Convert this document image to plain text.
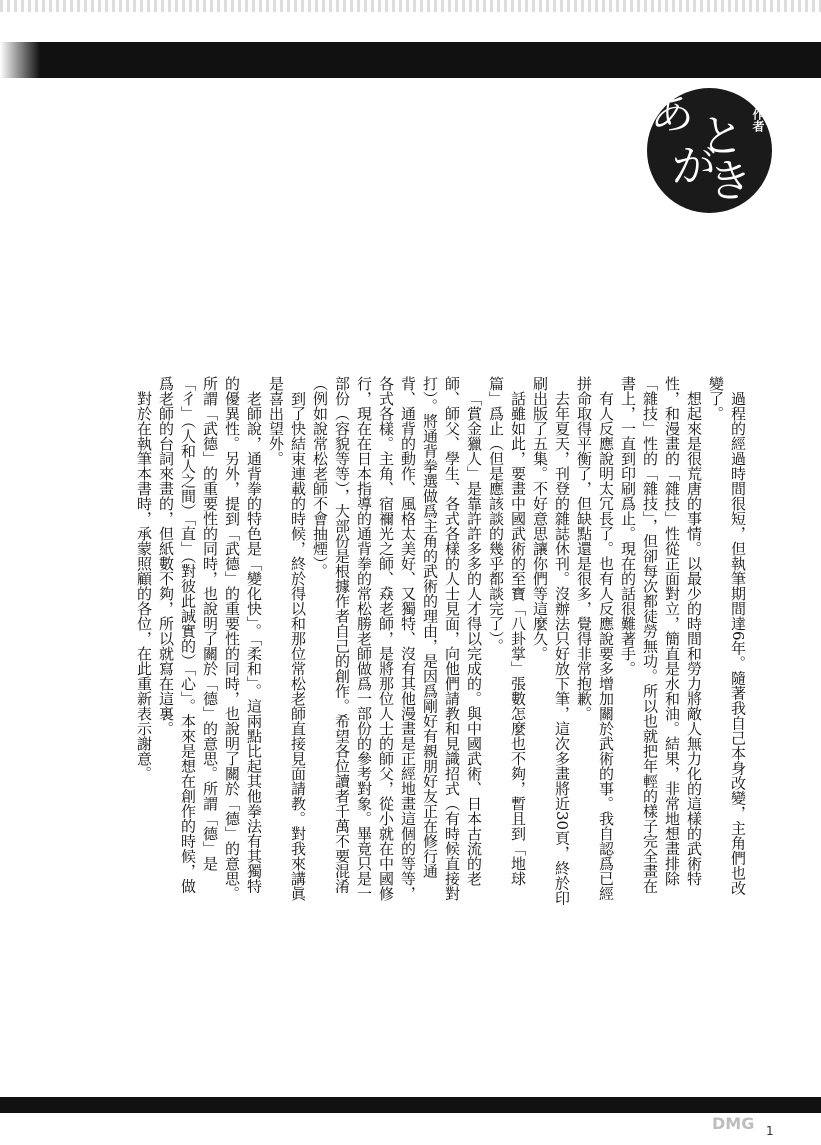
あ と
が
き
作者

過程的經過時間很短，但執筆期間達6年。隨著我自己本身改變，主角們也改變了。

想起來是很荒唐的事情。以最少的時間和勞力將敵人無力化的這樣的武術特性，和漫畫的「雜技」性從正面對立，簡直是水和油。結果，非常地想畫排除「雜技」性的「雜技」，但卻每次都徒勞無功。所以也就把年輕的樣子完全畫在書上，一直到印刷爲止。現在的話很難著手。

有人反應說明太冗長了。也有人反應說要多增加關於武術的事。我自認爲已經拼命取得平衡了，但缺點還是很多，覺得非常抱歉。

去年夏天，刊登的雜誌休刊。沒辦法只好放下筆，這次多畫將近30頁，終於印刷出版了五集。不好意思讓你們等這麼久。

話雖如此，要畫中國武術的至寶「八卦掌」張數怎麼也不夠，暫且到「地球篇」爲止（但是應該談的幾乎都談完了）。

「賞金獵人」是靠許許多多的人才得以完成的。與中國武術、日本古流的老師、師父、學生、各式各樣的人士見面，向他們請教和見識招式（有時候直接對打）。將通背拳選做爲主角的武術的理由，是因爲剛好有親朋好友正在修行通背、通背的動作、風格太美好、又獨特、沒有其他漫畫是正經地畫這個的等等，各式各樣。主角、宿禰光之師、猋老師，是將那位人士的師父，從小就在中國修行，現在在日本指導的通背拳的常松勝老師做爲一部份的參考對象。畢竟只是一部份（容貌等等），大部份是根據作者自己的創作。希望各位讀者千萬不要混淆（例如說常松老師不會抽煙）。

到了快結束連載的時候，終於得以和那位常松老師直接見面請教。對我來講眞是喜出望外。

老師說，通背拳的特色是「變化快」。「柔和」。這兩點比起其他拳法有其獨特的優異性。另外，提到「武德」的重要性的同時，也說明了關於「德」的意思。所謂「武德」的重要性的同時，也說明了關於「德」的意思。所謂「德」是「彳」（人和人之間）「直」（對彼此誠實的）「心」。本來是想在創作的時候，做爲老師的台詞來畫的，但紙數不夠，所以就寫在這裏。

對於在執筆本書時，承蒙照顧的各位，在此重新表示謝意。

DMG 1
